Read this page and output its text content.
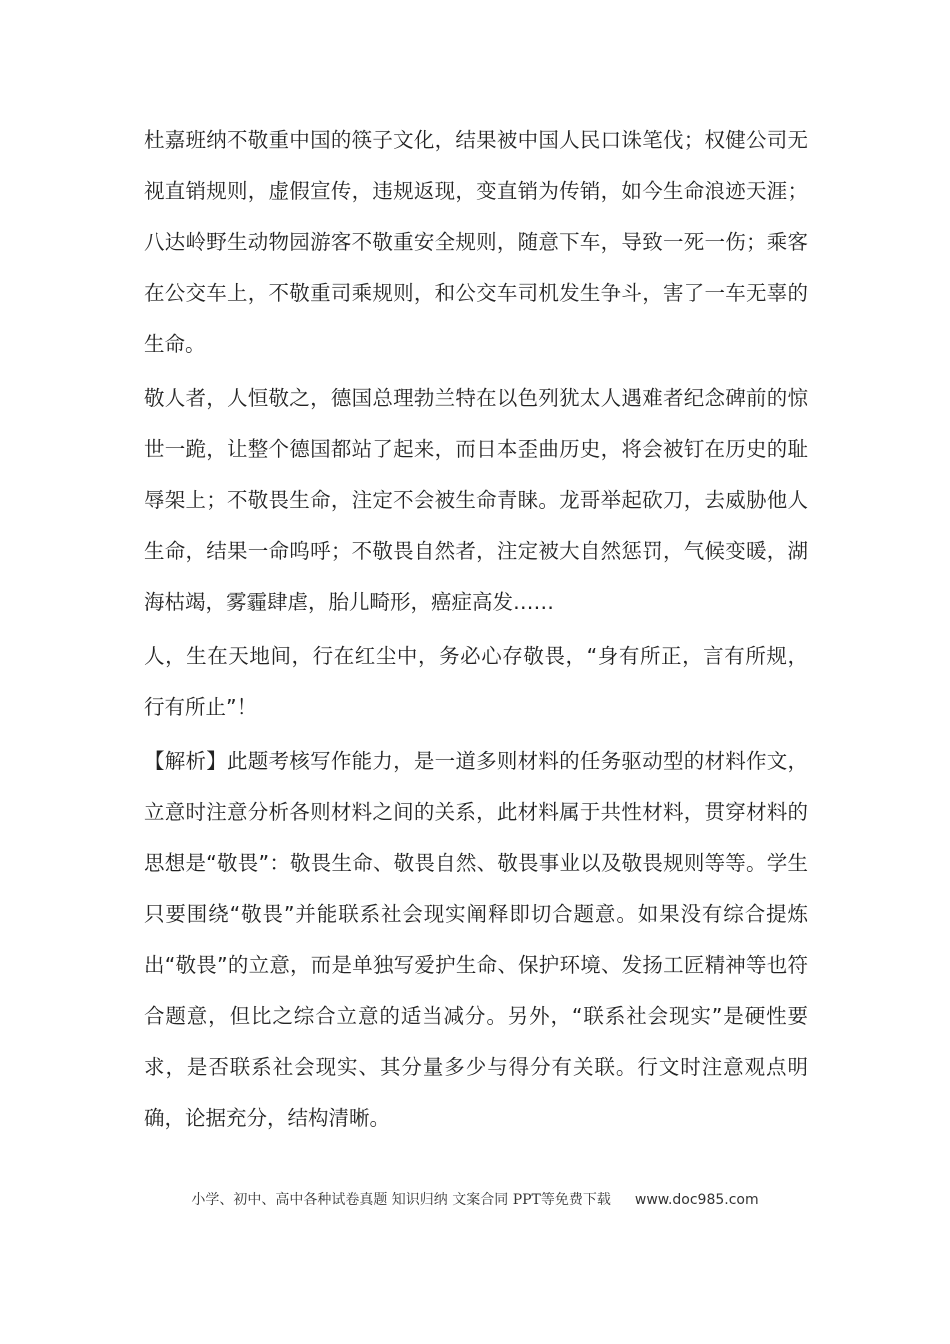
杜嘉班纳不敬重中国的筷子文化，结果被中国人民口诛笔伐；权健公司无视直销规则，虚假宣传，违规返现，变直销为传销，如今生命浪迹天涯；八达岭野生动物园游客不敬重安全规则，随意下车，导致一死一伤；乘客在公交车上，不敬重司乘规则，和公交车司机发生争斗，害了一车无辜的生命。

敬人者，人恒敬之，德国总理勃兰特在以色列犹太人遇难者纪念碑前的惊世一跪，让整个德国都站了起来，而日本歪曲历史，将会被钉在历史的耻辱架上；不敬畏生命，注定不会被生命青睐。龙哥举起砍刀，去威胁他人生命，结果一命呜呼；不敬畏自然者，注定被大自然惩罚，气候变暖，湖海枯竭，雾霾肆虐，胎儿畸形，癌症高发……

人，生在天地间，行在红尘中，务必心存敬畏，“身有所正，言有所规，行有所止”！

【解析】此题考核写作能力，是一道多则材料的任务驱动型的材料作文，立意时注意分析各则材料之间的关系，此材料属于共性材料，贯穿材料的思想是“敬畏”：敬畏生命、敬畏自然、敬畏事业以及敬畏规则等等。学生只要围绕“敬畏”并能联系社会现实阐释即切合题意。如果没有综合提炼出“敬畏”的立意，而是单独写爱护生命、保护环境、发扬工匠精神等也符合题意，但比之综合立意的适当减分。另外，“联系社会现实”是硬性要求，是否联系社会现实、其分量多少与得分有关联。行文时注意观点明确，论据充分，结构清晰。

小学、初中、高中各种试卷真题 知识归纳 文案合同 PPT等免费下载 www.doc985.com
